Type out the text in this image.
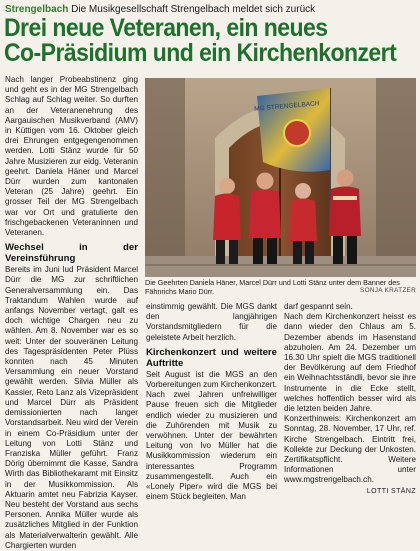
Strengelbach Die Musikgesellschaft Strengelbach meldet sich zurück
Drei neue Veteranen, ein neues
Co-Präsidium und ein Kirchenkonzert

Nach langer Probeabstinenz ging und geht es in der MG Strengelbach Schlag auf Schlag weiter. So durften an der Veteranenehrung des Aargauischen Musikverband (AMV) in Küttigen vom 16. Oktober gleich drei Ehrungen entgegengenommen werden. Lotti Stänz wurde für 50 Jahre Musizieren zur eidg. Veteranin geehrt. Daniela Häner und Marcel Dürr wurden zum kantonalen Veteran (25 Jahre) geehrt. Ein grosser Teil der MG Strengelbach war vor Ort und gratulierte den frischgebackenen Veteraninnen und Veteranen.

Wechsel in der Vereinsführung

Bereits im Juni lud Präsident Marcel Dürr die MG zur schriftlichen Generalversammlung ein. Das Traktandum Wahlen wurde auf anfangs November vertagt, galt es doch wichtige Chargen neu zu wählen. Am 8. November war es so weit: Unter der souveränen Leitung des Tagespräsidenten Peter Plüss konnten nach 45 Minuten Versammlung ein neuer Vorstand gewählt werden. Silvia Müller als Kassier, Reto Lanz als Vizepräsident und Marcel Dürr als Präsident demissionierten nach langer Vorstandsarbeit. Neu wird der Verein in einem Co-Präsidium unter der Leitung von Lotti Stänz und Franziska Müller geführt. Franz Dörig übernimmt die Kasse, Sandra Wirth das Bibliothekaramt mit Einsitz in der Musikkommission. Als Aktuarin amtet neu Fabrizia Kayser. Neu besteht der Vorstand aus sechs Personen. Annika Müller wurde als zusätzliches Mitglied in der Funktion als Materialverwalterin gewählt. Alle Chargierten wurden

MG STRENGELBACH
Die Geehrten Daniela Häner, Marcel Dürr und Lotti Stänz unter dem Banner des Fähnrichs Mario Dürr.	SONJA KRATZER

einstimmig gewählt. Die MGS dankt den langjährigen Vorstandsmitgliedern für die geleistete Arbeit herzlich.

Kirchenkonzert und weitere Auftritte

Seit August ist die MGS an den Vorbereitungen zum Kirchenkonzert. Nach zwei Jahren unfreiwilliger Pause freuen sich die Mitglieder endlich wieder zu musizieren und die Zuhörenden mit Musik zu verwöhnen. Unter der bewährten Leitung von Ivo Müller hat die Musikkommission wiederum ein interessantes Programm zusammengestellt. Auch ein «Lonely Piper» wird die MGS bei einem Stück begleiten. Man

darf gespannt sein.

Nach dem Kirchenkonzert heisst es dann wieder den Chlaus am 5. Dezember abends im Hasenstand abzuholen. Am 24. Dezember um 16.30 Uhr spielt die MGS traditionell der Bevölkerung auf dem Friedhof ein Weihnachtsständli, bevor sie ihre Instrumente in die Ecke stellt, welches hoffentlich besser wird als die letzten beiden Jahre.

Konzerthinweis: Kirchenkonzert am Sonntag, 28. November, 17 Uhr, ref. Kirche Strengelbach. Eintritt frei, Kollekte zur Deckung der Unkosten. Zertifikatspflicht. Weitere Informationen unter www.mgstrengelbach.ch.

LOTTI STÄNZ
